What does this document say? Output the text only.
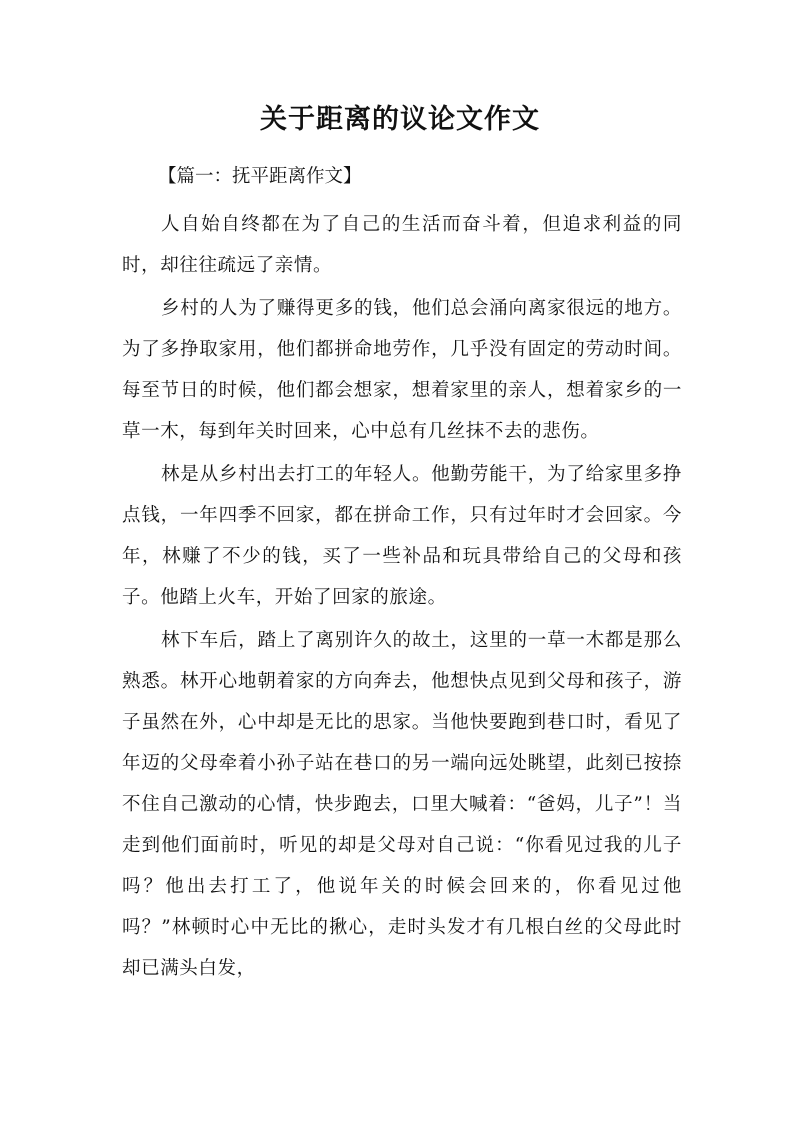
关于距离的议论文作文
【篇一：抚平距离作文】

人自始自终都在为了自己的生活而奋斗着，但追求利益的同时，却往往疏远了亲情。

乡村的人为了赚得更多的钱，他们总会涌向离家很远的地方。为了多挣取家用，他们都拼命地劳作，几乎没有固定的劳动时间。每至节日的时候，他们都会想家，想着家里的亲人，想着家乡的一草一木，每到年关时回来，心中总有几丝抹不去的悲伤。

林是从乡村出去打工的年轻人。他勤劳能干，为了给家里多挣点钱，一年四季不回家，都在拼命工作，只有过年时才会回家。今年，林赚了不少的钱，买了一些补品和玩具带给自己的父母和孩子。他踏上火车，开始了回家的旅途。

林下车后，踏上了离别许久的故土，这里的一草一木都是那么熟悉。林开心地朝着家的方向奔去，他想快点见到父母和孩子，游子虽然在外，心中却是无比的思家。当他快要跑到巷口时，看见了年迈的父母牵着小孙子站在巷口的另一端向远处眺望，此刻已按捺不住自己激动的心情，快步跑去，口里大喊着：“爸妈，儿子”！当走到他们面前时，听见的却是父母对自己说：“你看见过我的儿子吗？他出去打工了，他说年关的时候会回来的，你看见过他吗？”林顿时心中无比的揪心，走时头发才有几根白丝的父母此时却已满头白发，
